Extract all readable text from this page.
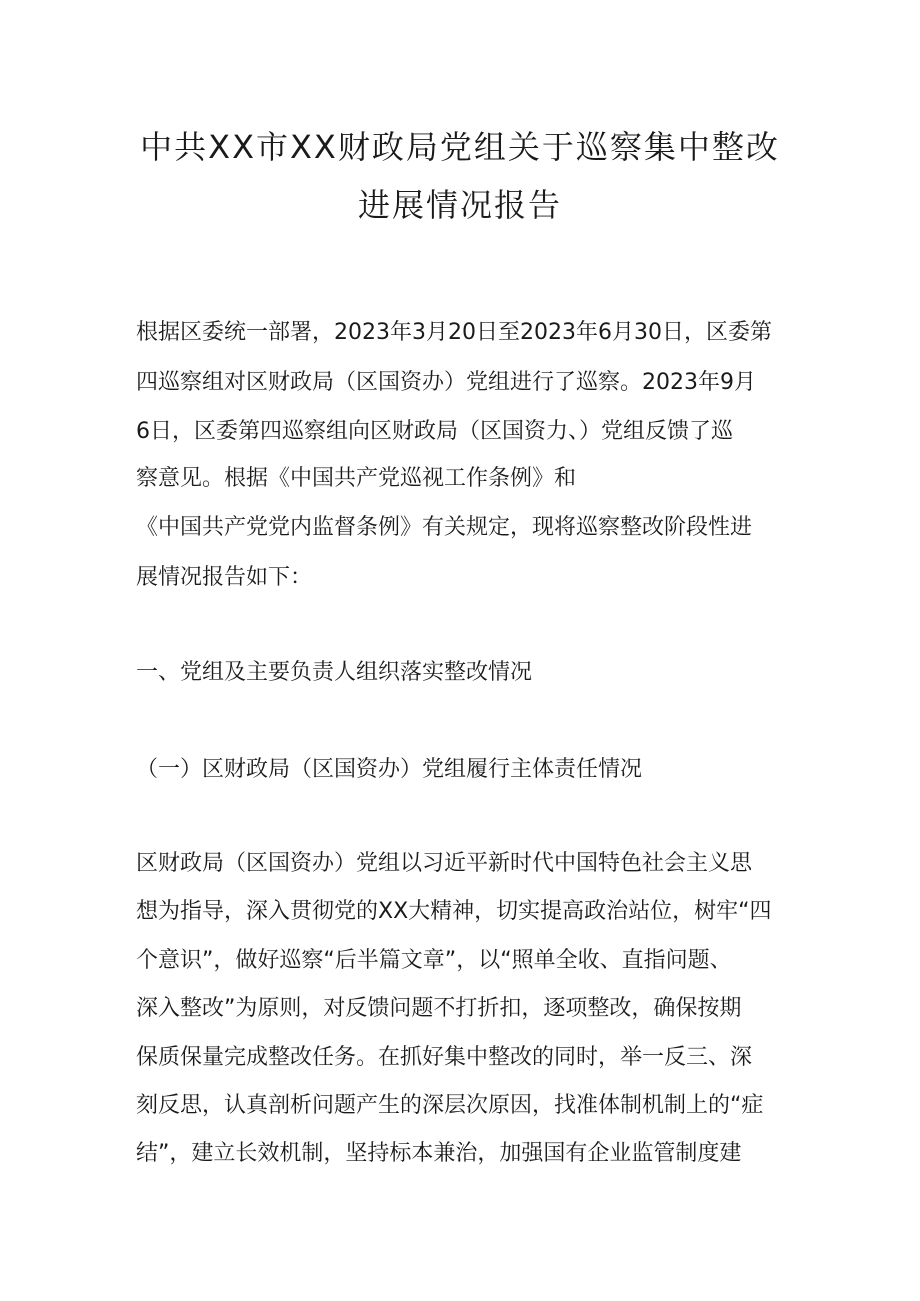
中共XX市XX财政局党组关于巡察集中整改
进展情况报告
根据区委统一部署，2023年3月20日至2023年6月30日，区委第
四巡察组对区财政局（区国资办）党组进行了巡察。2023年9月
6日，区委第四巡察组向区财政局（区国资力、）党组反馈了巡
察意见。根据《中国共产党巡视工作条例》和
《中国共产党党内监督条例》有关规定，现将巡察整改阶段性进
展情况报告如下：
一、党组及主要负责人组织落实整改情况
（一）区财政局（区国资办）党组履行主体责任情况
区财政局（区国资办）党组以习近平新时代中国特色社会主义思
想为指导，深入贯彻党的XX大精神，切实提高政治站位，树牢“四
个意识”，做好巡察“后半篇文章”，以“照单全收、直指问题、
深入整改”为原则，对反馈问题不打折扣，逐项整改，确保按期
保质保量完成整改任务。在抓好集中整改的同时，举一反三、深
刻反思，认真剖析问题产生的深层次原因，找准体制机制上的“症
结”，建立长效机制，坚持标本兼治，加强国有企业监管制度建
